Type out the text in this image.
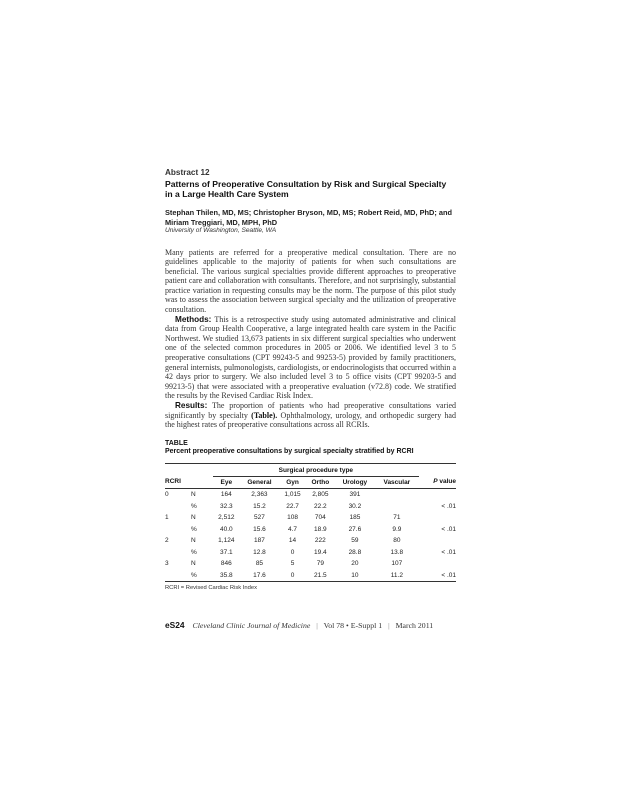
Abstract 12
Patterns of Preoperative Consultation by Risk and Surgical Specialty in a Large Health Care System
Stephan Thilen, MD, MS; Christopher Bryson, MD, MS; Robert Reid, MD, PhD; and Miriam Treggiari, MD, MPH, PhD
University of Washington, Seattle, WA

Many patients are referred for a preoperative medical consultation. There are no guidelines applicable to the majority of patients for when such consultations are beneficial. The various surgical specialties provide different approaches to preoperative patient care and collaboration with consultants. Therefore, and not surprisingly, substantial practice variation in requesting consults may be the norm. The purpose of this pilot study was to assess the association between surgical specialty and the utilization of preoperative consultation.

Methods: This is a retrospective study using automated administrative and clinical data from Group Health Cooperative, a large integrated health care system in the Pacific Northwest. We studied 13,673 patients in six different surgical specialties who underwent one of the selected common procedures in 2005 or 2006. We identified level 3 to 5 preoperative consultations (CPT 99243-5 and 99253-5) provided by family practitioners, general internists, pulmonologists, cardiologists, or endocrinologists that occurred within a 42 days prior to surgery. We also included level 3 to 5 office visits (CPT 99203-5 and 99213-5) that were associated with a preoperative evaluation (v72.8) code. We stratified the results by the Revised Cardiac Risk Index.

Results: The proportion of patients who had preoperative consultations varied significantly by specialty (Table). Ophthalmology, urology, and orthopedic surgery had the highest rates of preoperative consultations across all RCRIs.

TABLE
Percent preoperative consultations by surgical specialty stratified by RCRI

		Surgical procedure type						
RCRI		Eye	General	Gyn	Ortho	Urology	Vascular	P value
0	N	164	2,363	1,015	2,805	391		
	%	32.3	15.2	22.7	22.2	30.2		< .01
1	N	2,512	527	108	704	185	71	
	%	40.0	15.6	4.7	18.9	27.6	9.9	< .01
2	N	1,124	187	14	222	59	80	
	%	37.1	12.8	0	19.4	28.8	13.8	< .01
3	N	846	85	5	79	20	107	
	%	35.8	17.6	0	21.5	10	11.2	< .01
RCRI = Revised Cardiac Risk Index
eS24 Cleveland Clinic Journal of Medicine | Vol 78 • E-Suppl 1 | March 2011
